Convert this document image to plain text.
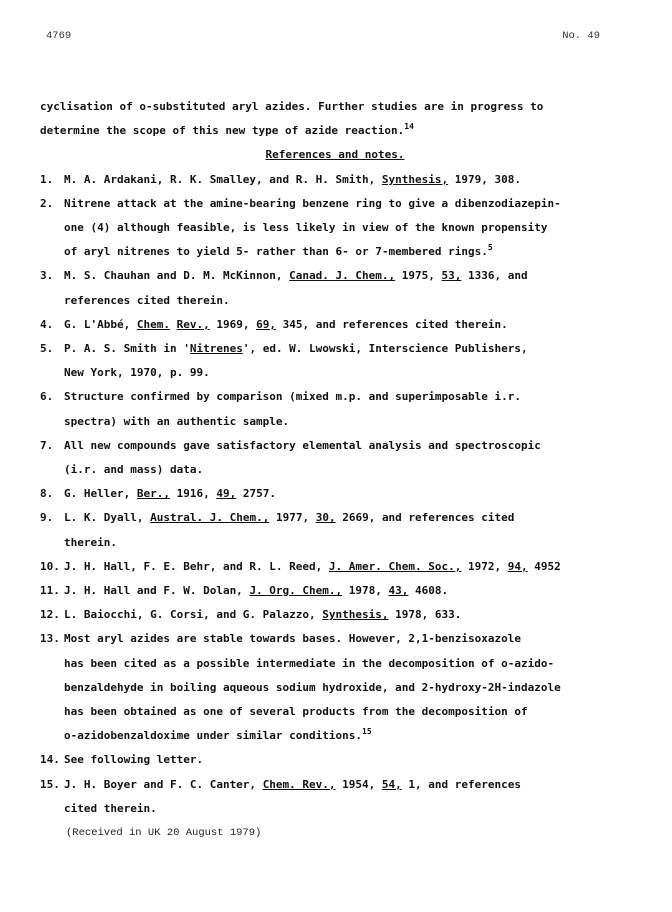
4769	No. 49

cyclisation of o-substituted aryl azides. Further studies are in progress to
determine the scope of this new type of azide reaction.$^{14}$

References and notes.

1. M. A. Ardakani, R. K. Smalley, and R. H. Smith, Synthesis, 1979, 308.
2. Nitrene attack at the amine-bearing benzene ring to give a dibenzodiazepin-
one (4) although feasible, is less likely in view of the known propensity
of aryl nitrenes to yield 5- rather than 6- or 7-membered rings.$^5$
3. M. S. Chauhan and D. M. McKinnon, Canad. J. Chem., 1975, 53, 1336, and
references cited therein.
4. G. L'Abbé, Chem. Rev., 1969, 69, 345, and references cited therein.
5. P. A. S. Smith in 'Nitrenes', ed. W. Lwowski, Interscience Publishers,
New York, 1970, p. 99.
6. Structure confirmed by comparison (mixed m.p. and superimposable i.r.
spectra) with an authentic sample.
7. All new compounds gave satisfactory elemental analysis and spectroscopic
(i.r. and mass) data.
8. G. Heller, Ber., 1916, 49, 2757.
9. L. K. Dyall, Austral. J. Chem., 1977, 30, 2669, and references cited
therein.
10. J. H. Hall, F. E. Behr, and R. L. Reed, J. Amer. Chem. Soc., 1972, 94, 4952
11. J. H. Hall and F. W. Dolan, J. Org. Chem., 1978, 43, 4608.
12. L. Baiocchi, G. Corsi, and G. Palazzo, Synthesis, 1978, 633.
13. Most aryl azides are stable towards bases. However, 2,1-benzisoxazole
has been cited as a possible intermediate in the decomposition of o-azido-
benzaldehyde in boiling aqueous sodium hydroxide, and 2-hydroxy-2H-indazole
has been obtained as one of several products from the decomposition of
o-azidobenzaldoxime under similar conditions.$^{15}$
14. See following letter.
15. J. H. Boyer and F. C. Canter, Chem. Rev., 1954, 54, 1, and references
cited therein.

(Received in UK 20 August 1979)
